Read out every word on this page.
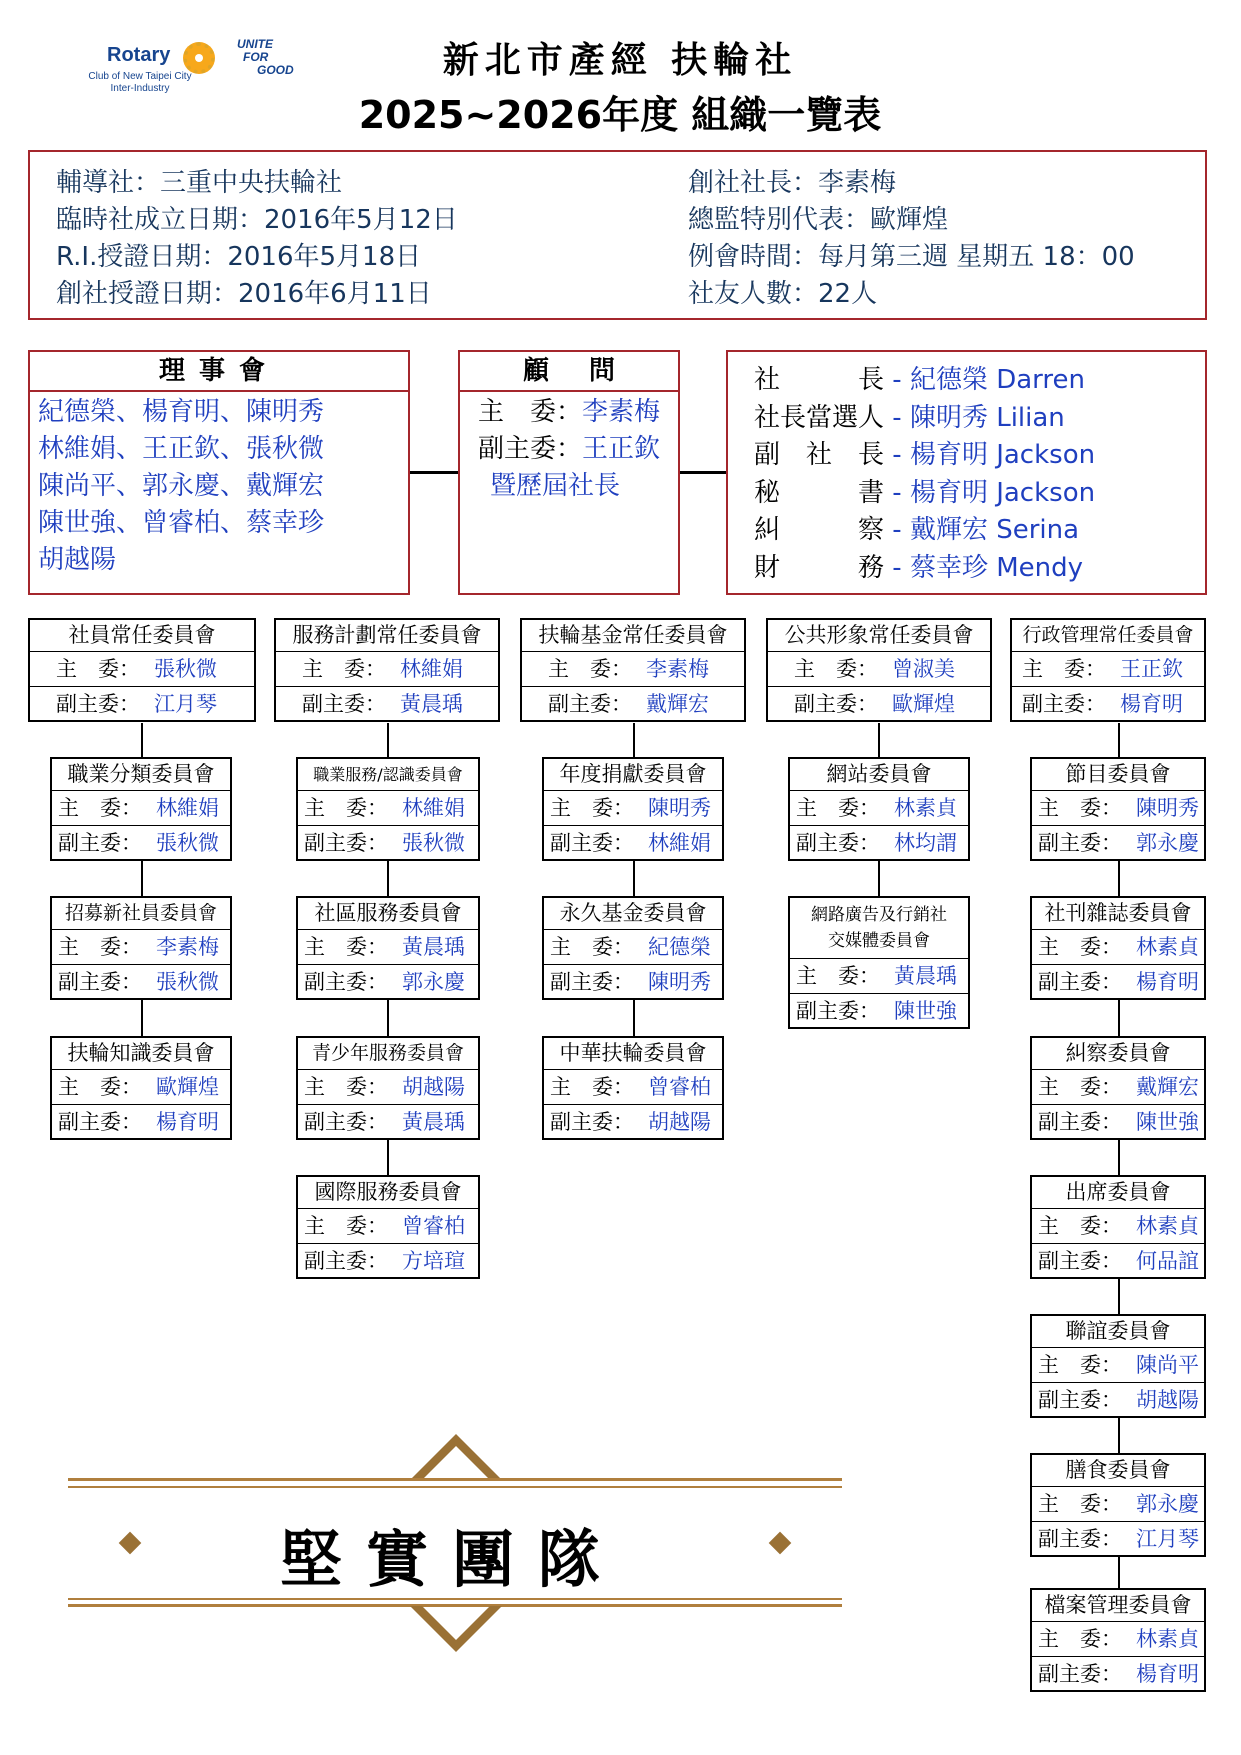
Rotary
Club of New Taipei City
Inter-Industry
UNITE
FOR
GOOD	新北市產經 扶輪社
2025~2026年度 組織一覽表
輔導社：三重中央扶輪社
臨時社成立日期：2016年5月12日
R.I.授證日期：2016年5月18日
創社授證日期：2016年6月11日
創社社長：李素梅
總監特別代表：歐輝煌
例會時間：每月第三週 星期五 18：00
社友人數：22人
理事會
紀德榮、楊育明、陳明秀
林維娟、王正欽、張秋微
陳尚平、郭永慶、戴輝宏
陳世強、曾睿柏、蔡幸珍
胡越陽
顧問
主　委：李素梅
副主委：王正欽
暨歷屆社長
社　　　長 - 紀德榮 Darren
社長當選人 - 陳明秀 Lilian
副　社　長 - 楊育明 Jackson
秘　　　書 - 楊育明 Jackson
糾　　　察 - 戴輝宏 Serina
財　　　務 - 蔡幸珍 Mendy
社員常任委員會
主　委： 張秋微
副主委： 江月琴
服務計劃常任委員會
主　委： 林維娟
副主委： 黃晨瑀
扶輪基金常任委員會
主　委： 李素梅
副主委： 戴輝宏
公共形象常任委員會
主　委： 曾淑美
副主委： 歐輝煌
行政管理常任委員會
主　委： 王正欽
副主委： 楊育明
職業分類委員會
主　委： 林維娟
副主委： 張秋微
招募新社員委員會
主　委： 李素梅
副主委： 張秋微
扶輪知識委員會
主　委： 歐輝煌
副主委： 楊育明
職業服務/認識委員會
主　委： 林維娟
副主委： 張秋微
社區服務委員會
主　委： 黃晨瑀
副主委： 郭永慶
青少年服務委員會
主　委： 胡越陽
副主委： 黃晨瑀
國際服務委員會
主　委： 曾睿柏
副主委： 方培瑄
年度捐獻委員會
主　委： 陳明秀
副主委： 林維娟
永久基金委員會
主　委： 紀德榮
副主委： 陳明秀
中華扶輪委員會
主　委： 曾睿柏
副主委： 胡越陽
網站委員會
主　委： 林素貞
副主委： 林均謂
網路廣告及行銷社
交媒體委員會
主　委： 黃晨瑀
副主委： 陳世強
節目委員會
主　委： 陳明秀
副主委： 郭永慶
社刊雜誌委員會
主　委： 林素貞
副主委： 楊育明
糾察委員會
主　委： 戴輝宏
副主委： 陳世強
出席委員會
主　委： 林素貞
副主委： 何品誼
聯誼委員會
主　委： 陳尚平
副主委： 胡越陽
膳食委員會
主　委： 郭永慶
副主委： 江月琴
檔案管理委員會
主　委： 林素貞
副主委： 楊育明
堅實團隊
